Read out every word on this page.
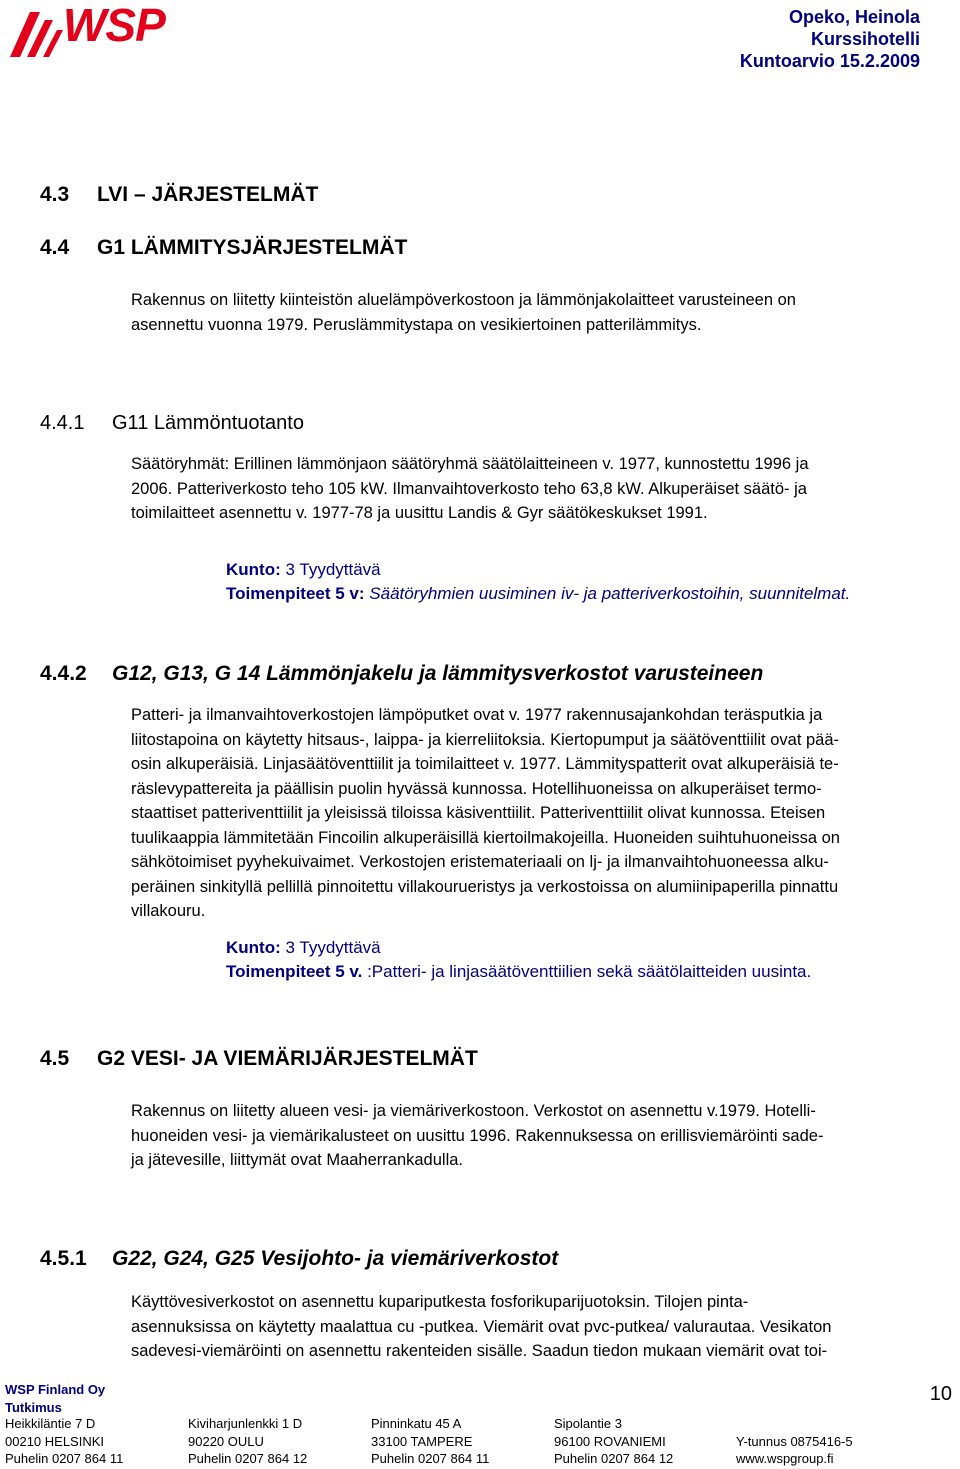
WSP	Opeko, Heinola
Kurssihotelli
Kuntoarvio 15.2.2009
4.3 LVI – JÄRJESTELMÄT
4.4 G1 LÄMMITYSJÄRJESTELMÄT
Rakennus on liitetty kiinteistön aluelämpöverkostoon ja lämmönjakolaitteet varusteineen on
asennettu vuonna 1979. Peruslämmitystapa on vesikiertoinen patterilämmitys.
4.4.1 G11 Lämmöntuotanto
Säätöryhmät: Erillinen lämmönjaon säätöryhmä säätölaitteineen v. 1977, kunnostettu 1996 ja
2006. Patteriverkosto teho 105 kW. Ilmanvaihtoverkosto teho 63,8 kW. Alkuperäiset säätö- ja
toimilaitteet asennettu v. 1977-78 ja uusittu Landis & Gyr säätökeskukset 1991.
Kunto: 3 Tyydyttävä
Toimenpiteet 5 v: Säätöryhmien uusiminen iv- ja patteriverkostoihin, suunnitelmat.
4.4.2 G12, G13, G 14 Lämmönjakelu ja lämmitysverkostot varusteineen
Patteri- ja ilmanvaihtoverkostojen lämpöputket ovat v. 1977 rakennusajankohdan teräsputkia ja
liitostapoina on käytetty hitsaus-, laippa- ja kierreliitoksia. Kiertopumput ja säätöventtiilit ovat pää-
osin alkuperäisiä. Linjasäätöventtiilit ja toimilaitteet v. 1977. Lämmityspatterit ovat alkuperäisiä te-
räslevypattereita ja päällisin puolin hyvässä kunnossa. Hotellihuoneissa on alkuperäiset termo-
staattiset patteriventtiilit ja yleisissä tiloissa käsiventtiilit. Patteriventtiilit olivat kunnossa. Eteisen
tuulikaappia lämmitetään Fincoilin alkuperäisillä kiertoilmakojeilla. Huoneiden suihtuhuoneissa on
sähkötoimiset pyyhekuivaimet. Verkostojen eristemateriaali on lj- ja ilmanvaihtohuoneessa alku-
peräinen sinkityllä pellillä pinnoitettu villakourueristys ja verkostoissa on alumiinipaperilla pinnattu
villakouru.
Kunto: 3 Tyydyttävä
Toimenpiteet 5 v. :Patteri- ja linjasäätöventtiilien sekä säätölaitteiden uusinta.
4.5 G2 VESI- JA VIEMÄRIJÄRJESTELMÄT
Rakennus on liitetty alueen vesi- ja viemäriverkostoon. Verkostot on asennettu v.1979. Hotelli-
huoneiden vesi- ja viemärikalusteet on uusittu 1996. Rakennuksessa on erillisviemäröinti sade-
ja jätevesille, liittymät ovat Maaherrankadulla.
4.5.1 G22, G24, G25 Vesijohto- ja viemäriverkostot
Käyttövesiverkostot on asennettu kupariputkesta fosforikuparijuotoksin. Tilojen pinta-
asennuksissa on käytetty maalattua cu -putkea. Viemärit ovat pvc-putkea/ valurautaa. Vesikaton
sadevesi-viemäröinti on asennettu rakenteiden sisälle. Saadun tiedon mukaan viemärit ovat toi-
WSP Finland Oy
Tutkimus
10
Heikkiläntie 7 D
00210 HELSINKI
Puhelin 0207 864 11
Kiviharjunlenkki 1 D
90220 OULU
Puhelin 0207 864 12
Pinninkatu 45 A
33100 TAMPERE
Puhelin 0207 864 11
Sipolantie 3
96100 ROVANIEMI
Puhelin 0207 864 12
Y-tunnus 0875416-5
www.wspgroup.fi
